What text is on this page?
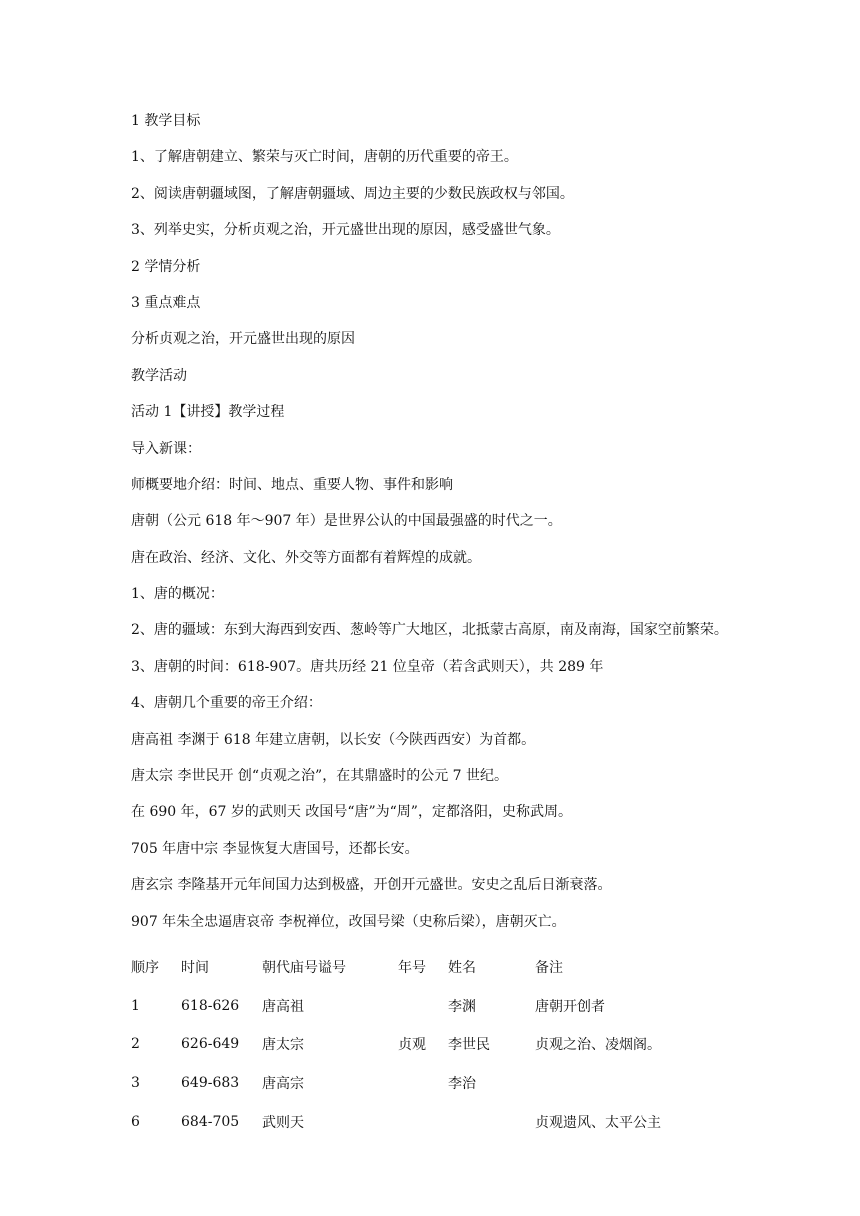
1 教学目标
1、了解唐朝建立、繁荣与灭亡时间，唐朝的历代重要的帝王。
2、阅读唐朝疆域图，了解唐朝疆域、周边主要的少数民族政权与邻国。
3、列举史实，分析贞观之治，开元盛世出现的原因，感受盛世气象。
2 学情分析
3 重点难点
分析贞观之治，开元盛世出现的原因
教学活动
活动 1【讲授】教学过程
导入新课：
师概要地介绍：时间、地点、重要人物、事件和影响
唐朝（公元 618 年～907 年）是世界公认的中国最强盛的时代之一。
唐在政治、经济、文化、外交等方面都有着辉煌的成就。
1、唐的概况：
2、唐的疆域：东到大海西到安西、葱岭等广大地区，北抵蒙古高原，南及南海，国家空前繁荣。
3、唐朝的时间：618-907。唐共历经 21 位皇帝（若含武则天），共 289 年
4、唐朝几个重要的帝王介绍：
唐高祖 李渊于 618 年建立唐朝，以长安（今陕西西安）为首都。
唐太宗 李世民开 创“贞观之治”，在其鼎盛时的公元 7 世纪。
在 690 年，67 岁的武则天 改国号“唐”为“周”，定都洛阳，史称武周。
705 年唐中宗 李显恢复大唐国号，还都长安。
唐玄宗 李隆基开元年间国力达到极盛，开创开元盛世。安史之乱后日渐衰落。
907 年朱全忠逼唐哀帝 李柷禅位，改国号梁（史称后梁），唐朝灭亡。
顺序	时间	朝代庙号谥号	年号	姓名	备注
1	618-626	唐高祖		李渊	唐朝开创者
2	626-649	唐太宗	贞观	李世民	贞观之治、凌烟阁。
3	649-683	唐高宗		李治	
6	684-705	武则天			贞观遗风、太平公主
